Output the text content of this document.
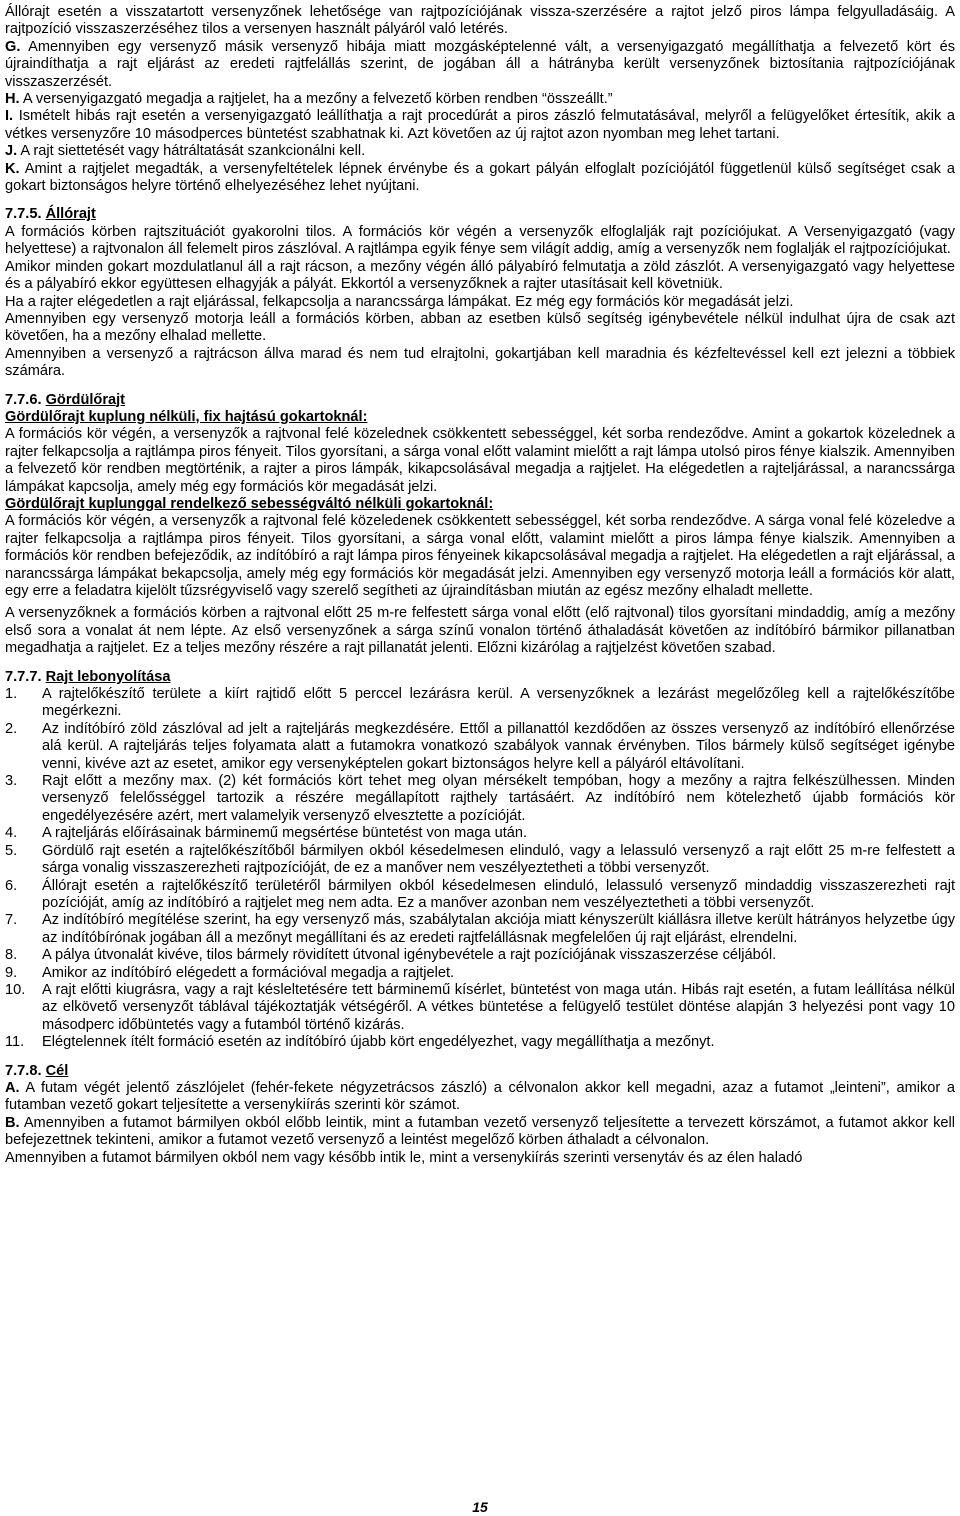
Állórajt esetén a visszatartott versenyzőnek lehetősége van rajtpozíciójának vissza-szerzésére a rajtot jelző piros lámpa felgyulladásáig. A rajtpozíció visszaszerzéséhez tilos a versenyen használt pályáról való letérés.

G. Amennyiben egy versenyző másik versenyző hibája miatt mozgásképtelenné vált, a versenyigazgató megállíthatja a felvezető kört és újraindíthatja a rajt eljárást az eredeti rajtfelállás szerint, de jogában áll a hátrányba került versenyzőnek biztosítania rajtpozíciójának visszaszerzését.

H. A versenyigazgató megadja a rajtjelet, ha a mezőny a felvezető körben rendben “összeállt.”

I. Ismételt hibás rajt esetén a versenyigazgató leállíthatja a rajt procedúrát a piros zászló felmutatásával, melyről a felügyelőket értesítik, akik a vétkes versenyzőre 10 másodperces büntetést szabhatnak ki. Azt követően az új rajtot azon nyomban meg lehet tartani.

J. A rajt siettetését vagy hátráltatását szankcionálni kell.

K. Amint a rajtjelet megadták, a versenyfeltételek lépnek érvénybe és a gokart pályán elfoglalt pozíciójától függetlenül külső segítséget csak a gokart biztonságos helyre történő elhelyezéséhez lehet nyújtani.

7.7.5. Állórajt

A formációs körben rajtszituációt gyakorolni tilos. A formációs kör végén a versenyzők elfoglalják rajt pozíciójukat. A Versenyigazgató (vagy helyettese) a rajtvonalon áll felemelt piros zászlóval. A rajtlámpa egyik fénye sem világít addig, amíg a versenyzők nem foglalják el rajtpozíciójukat.

Amikor minden gokart mozdulatlanul áll a rajt rácson, a mezőny végén álló pályabíró felmutatja a zöld zászlót. A versenyigazgató vagy helyettese és a pályabíró ekkor együttesen elhagyják a pályát. Ekkortól a versenyzőknek a rajter utasításait kell követniük.

Ha a rajter elégedetlen a rajt eljárással, felkapcsolja a narancssárga lámpákat. Ez még egy formációs kör megadását jelzi.

Amennyiben egy versenyző motorja leáll a formációs körben, abban az esetben külső segítség igénybevétele nélkül indulhat újra de csak azt követően, ha a mezőny elhalad mellette.

Amennyiben a versenyző a rajtrácson állva marad és nem tud elrajtolni, gokartjában kell maradnia és kézfeltevéssel kell ezt jelezni a többiek számára.

7.7.6. Gördülőrajt

Gördülőrajt kuplung nélküli, fix hajtású gokartoknál:

A formációs kör végén, a versenyzők a rajtvonal felé közelednek csökkentett sebességgel, két sorba rendeződve. Amint a gokartok közelednek a rajter felkapcsolja a rajtlámpa piros fényeit. Tilos gyorsítani, a sárga vonal előtt valamint mielőtt a rajt lámpa utolsó piros fénye kialszik. Amennyiben a felvezető kör rendben megtörténik, a rajter a piros lámpák, kikapcsolásával megadja a rajtjelet. Ha elégedetlen a rajteljárással, a narancssárga lámpákat kapcsolja, amely még egy formációs kör megadását jelzi.

Gördülőrajt kuplunggal rendelkező sebességváltó nélküli gokartoknál:

A formációs kör végén, a versenyzők a rajtvonal felé közeledenek csökkentett sebességgel, két sorba rendeződve. A sárga vonal felé közeledve a rajter felkapcsolja a rajtlámpa piros fényeit. Tilos gyorsítani, a sárga vonal előtt, valamint mielőtt a piros lámpa fénye kialszik. Amennyiben a formációs kör rendben befejeződik, az indítóbíró a rajt lámpa piros fényeinek kikapcsolásával megadja a rajtjelet. Ha elégedetlen a rajt eljárással, a narancssárga lámpákat bekapcsolja, amely még egy formációs kör megadását jelzi. Amennyiben egy versenyző motorja leáll a formációs kör alatt, egy erre a feladatra kijelölt tűzsrégyviselő vagy szerelő segítheti az újraindításban miután az egész mezőny elhaladt mellette.

A versenyzőknek a formációs körben a rajtvonal előtt 25 m-re felfestett sárga vonal előtt (elő rajtvonal) tilos gyorsítani mindaddig, amíg a mezőny első sora a vonalat át nem lépte. Az első versenyzőnek a sárga színű vonalon történő áthaladását követően az indítóbíró bármikor pillanatban megadhatja a rajtjelet. Ez a teljes mezőny részére a rajt pillanatát jelenti. Előzni kizárólag a rajtjelzést követően szabad.

7.7.7. Rajt lebonyolítása

1.	A rajtelőkészítő területe a kiírt rajtidő előtt 5 perccel lezárásra kerül. A versenyzőknek a lezárást megelőzőleg kell a rajtelőkészítőbe megérkezni.
2.	Az indítóbíró zöld zászlóval ad jelt a rajteljárás megkezdésére. Ettől a pillanattól kezdődően az összes versenyző az indítóbíró ellenőrzése alá kerül. A rajteljárás teljes folyamata alatt a futamokra vonatkozó szabályok vannak érvényben. Tilos bármely külső segítséget igénybe venni, kivéve azt az esetet, amikor egy versenyképtelen gokart biztonságos helyre kell a pályáról eltávolítani.
3.	Rajt előtt a mezőny max. (2) két formációs kört tehet meg olyan mérsékelt tempóban, hogy a mezőny a rajtra felkészülhessen. Minden versenyző felelősséggel tartozik a részére megállapított rajthely tartásáért. Az indítóbíró nem kötelezhető újabb formációs kör engedélyezésére azért, mert valamelyik versenyző elvesztette a pozícióját.
4.	A rajteljárás előírásainak bárminemű megsértése büntetést von maga után.
5.	Gördülő rajt esetén a rajtelőkészítőből bármilyen okból késedelmesen elinduló, vagy a lelassuló versenyző a rajt előtt 25 m-re felfestett a sárga vonalig visszaszerezheti rajtpozícióját, de ez a manőver nem veszélyeztetheti a többi versenyzőt.
6.	Állórajt esetén a rajtelőkészítő területéről bármilyen okból késedelmesen elinduló, lelassuló versenyző mindaddig visszaszerezheti rajt pozícióját, amíg az indítóbíró a rajtjelet meg nem adta. Ez a manőver azonban nem veszélyeztetheti a többi versenyzőt.
7.	Az indítóbíró megítélése szerint, ha egy versenyző más, szabálytalan akciója miatt kényszerült kiállásra illetve került hátrányos helyzetbe úgy az indítóbírónak jogában áll a mezőnyt megállítani és az eredeti rajtfelállásnak megfelelően új rajt eljárást, elrendelni.
8.	A pálya útvonalát kivéve, tilos bármely rövidített útvonal igénybevétele a rajt pozíciójának visszaszerzése céljából.
9.	Amikor az indítóbíró elégedett a formációval megadja a rajtjelet.
10.	A rajt előtti kiugrásra, vagy a rajt késleltetésére tett bárminemű kísérlet, büntetést von maga után. Hibás rajt esetén, a futam leállítása nélkül az elkövető versenyzőt táblával tájékoztatják vétségéről. A vétkes büntetése a felügyelő testület döntése alapján 3 helyezési pont vagy 10 másodperc időbüntetés vagy a futamból történő kizárás.
11.	Elégtelennek ítélt formáció esetén az indítóbíró újabb kört engedélyezhet, vagy megállíthatja a mezőnyt.

7.7.8. Cél

A. A futam végét jelentő zászlójelet (fehér-fekete négyzetrácsos zászló) a célvonalon akkor kell megadni, azaz a futamot „leinteni”, amikor a futamban vezető gokart teljesítette a versenykiírás szerinti kör számot.

B. Amennyiben a futamot bármilyen okból előbb leintik, mint a futamban vezető versenyző teljesítette a tervezett körszámot, a futamot akkor kell befejezettnek tekinteni, amikor a futamot vezető versenyző a leintést megelőző körben áthaladt a célvonalon.

Amennyiben a futamot bármilyen okból nem vagy később intik le, mint a versenykiírás szerinti versenytáv és az élen haladó

15
